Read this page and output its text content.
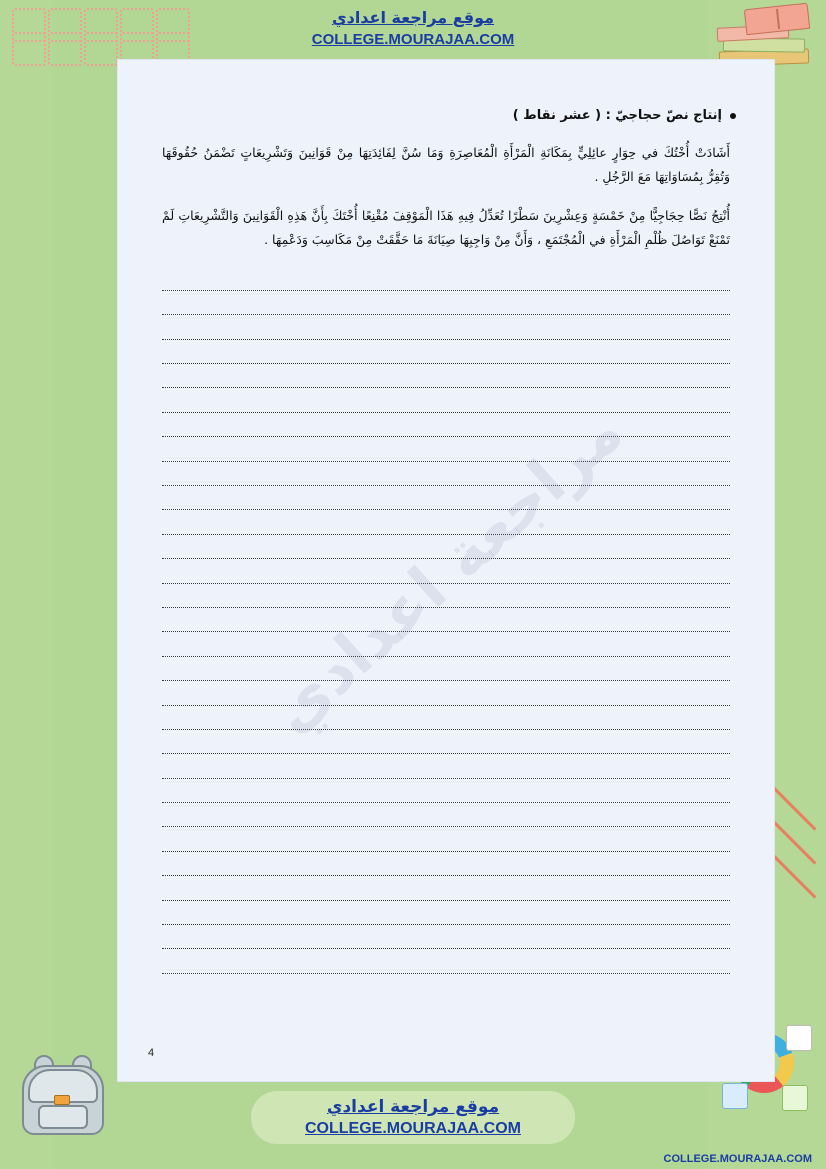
موقع مراجعة اعدادي
COLLEGE.MOURAJAA.COM
مراجعة اعدادي
إنتاج نصّ حجاجيّ : ( عشر نقاط )

أَشَادَتْ أُخْتُكَ في حِوَارٍ عائِلِيٍّ بِمَكَانَةِ الْمَرْأَةِ الْمُعَاصِرَةِ وَمَا سُنَّ لِفَائِدَتِهَا مِنْ قَوَانِينَ وَتَشْرِيعَاتٍ تَضْمَنُ حُقُوقَهَا وَتُقِرُّ بِمُسَاوَاتِهَا مَعَ الرَّجُلِ .

أُنْتِجُ نَصًّا حِجَاجِيًّا مِنْ خَمْسَةٍ وَعِشْرِينَ سَطْرًا تُعَدِّلُ فِيهِ هَذَا الْمَوْقِفَ مُقْنِعًا أُخْتَكَ بِأَنَّ هَذِهِ الْقَوَانِينَ وَالتَّشْرِيعَاتِ لَمْ تَمْنَعْ تَوَاصُلَ ظُلْمِ الْمَرْأَةِ في الْمُجْتَمَعِ ، وَأَنَّ مِنْ وَاجِبِهَا صِيَانَةَ مَا حَقَّقَتْ مِنْ مَكَاسِبَ وَدَعْمِهَا .

4
موقع مراجعة اعدادي
COLLEGE.MOURAJAA.COM
COLLEGE.MOURAJAA.COM
